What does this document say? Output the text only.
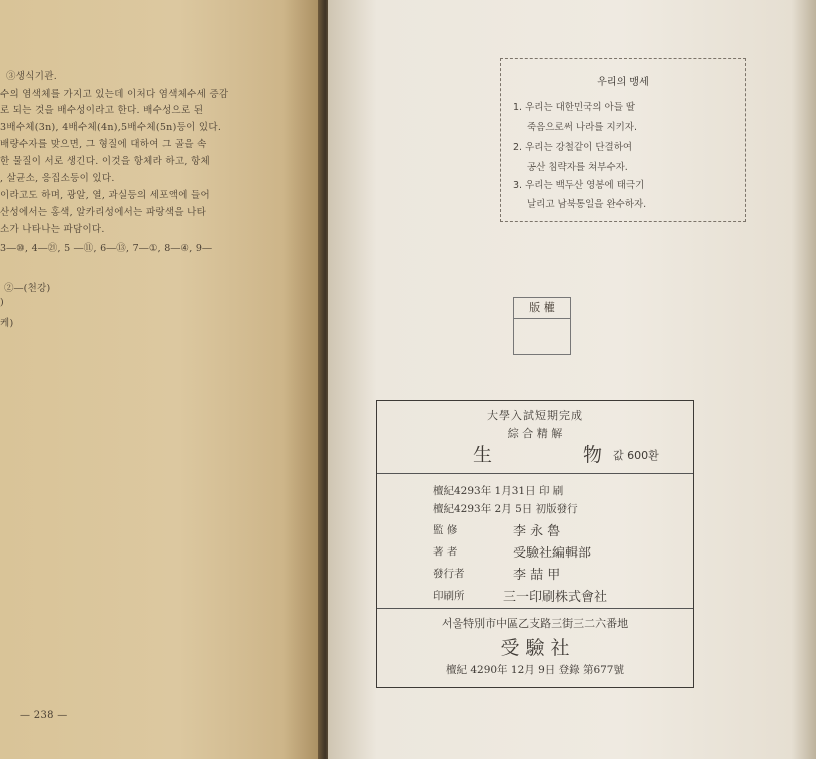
③생식기관.
수의 염색체를 가지고 있는데 이처다 염색체수세 증감
로 되는 것을 배수성이라고 한다. 배수성으로 된
3배수체(3n), 4배수체(4n),5배수체(5n)등이 있다.
배량수자를 맞으면, 그 형질에 대하여 그 골을 속
한 물질이 서로 생긴다. 이것을 항체라 하고, 항체
, 살균소, 응집소등이 있다.
이라고도 하며, 광알, 열, 과실등의 세포액에 들어
산성에서는 홍색, 알카리성에서는 파랑색을 나타
소가 나타나는 파담이다.
3―⑩, 4―㉑, 5 ―⑪, 6―⑬, 7―①, 8―④, 9―
②―(천강)
)
케)
— 238 —
우리의 맹세
1. 우리는 대한민국의 아들 딸
죽음으로써 나라를 지키자.
2. 우리는 강철같이 단결하여
공산 침략자를 쳐부수자.
3. 우리는 백두산 영봉에 태극기
날리고 남북통일을 완수하자.
版 權
大學入試短期完成
綜 合 精 解
生	物 값 600환
檀紀4293年 1月31日 印 刷
檀紀4293年 2月 5日 初版發行
監 修	李 永 魯
著 者	受驗社編輯部
發行者	李 喆 甲
印刷所	三一印刷株式會社
서울特別市中區乙支路三街三二六番地
受 驗 社
檀紀 4290年 12月 9日 登錄 第677號
